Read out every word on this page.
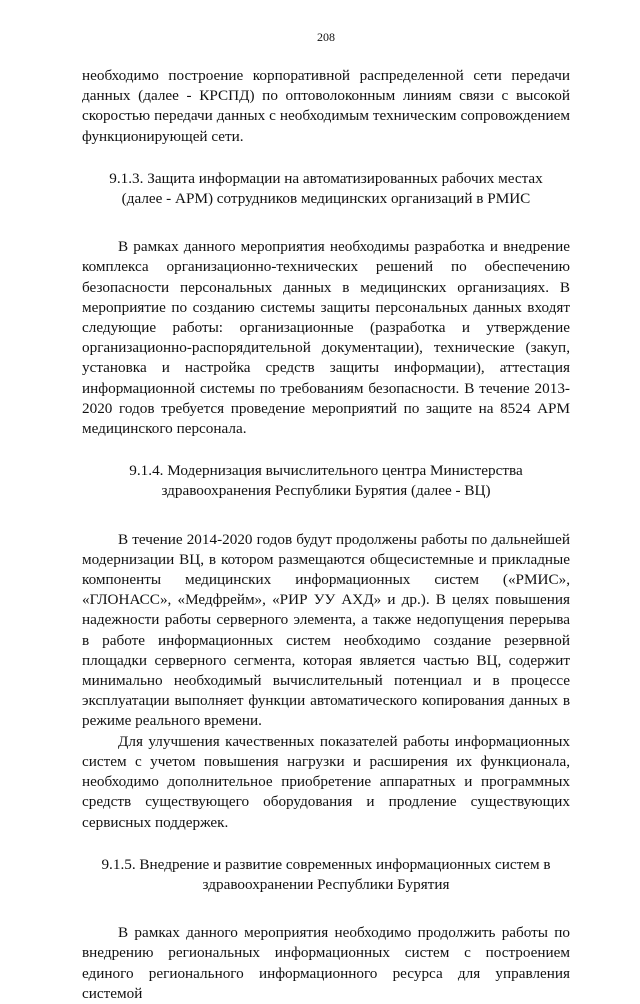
208

необходимо построение корпоративной распределенной сети передачи данных (далее - КРСПД) по оптоволоконным линиям связи с высокой скоростью передачи данных с необходимым техническим сопровождением функционирующей сети.

9.1.3. Защита информации на автоматизированных рабочих местах
(далее - АРМ) сотрудников медицинских организаций в РМИС

В рамках данного мероприятия необходимы разработка и внедрение комплекса организационно-технических решений по обеспечению безопасности персональных данных в медицинских организациях. В мероприятие по созданию системы защиты персональных данных входят следующие работы: организационные (разработка и утверждение организационно-распорядительной документации), технические (закуп, установка и настройка средств защиты информации), аттестация информационной системы по требованиям безопасности. В течение 2013-2020 годов требуется проведение мероприятий по защите на 8524 АРМ медицинского персонала.

9.1.4. Модернизация вычислительного центра Министерства
здравоохранения Республики Бурятия (далее - ВЦ)

В течение 2014-2020 годов будут продолжены работы по дальнейшей модернизации ВЦ, в котором размещаются общесистемные и прикладные компоненты медицинских информационных систем («РМИС», «ГЛОНАСС», «Медфрейм», «РИР УУ АХД» и др.). В целях повышения надежности работы серверного элемента, а также недопущения перерыва в работе информационных систем необходимо создание резервной площадки серверного сегмента, которая является частью ВЦ, содержит минимально необходимый вычислительный потенциал и в процессе эксплуатации выполняет функции автоматического копирования данных в режиме реального времени.

Для улучшения качественных показателей работы информационных систем с учетом повышения нагрузки и расширения их функционала, необходимо дополнительное приобретение аппаратных и программных средств существующего оборудования и продление существующих сервисных поддержек.

9.1.5. Внедрение и развитие современных информационных систем в
здравоохранении Республики Бурятия

В рамках данного мероприятия необходимо продолжить работы по внедрению региональных информационных систем с построением единого регионального информационного ресурса для управления системой
